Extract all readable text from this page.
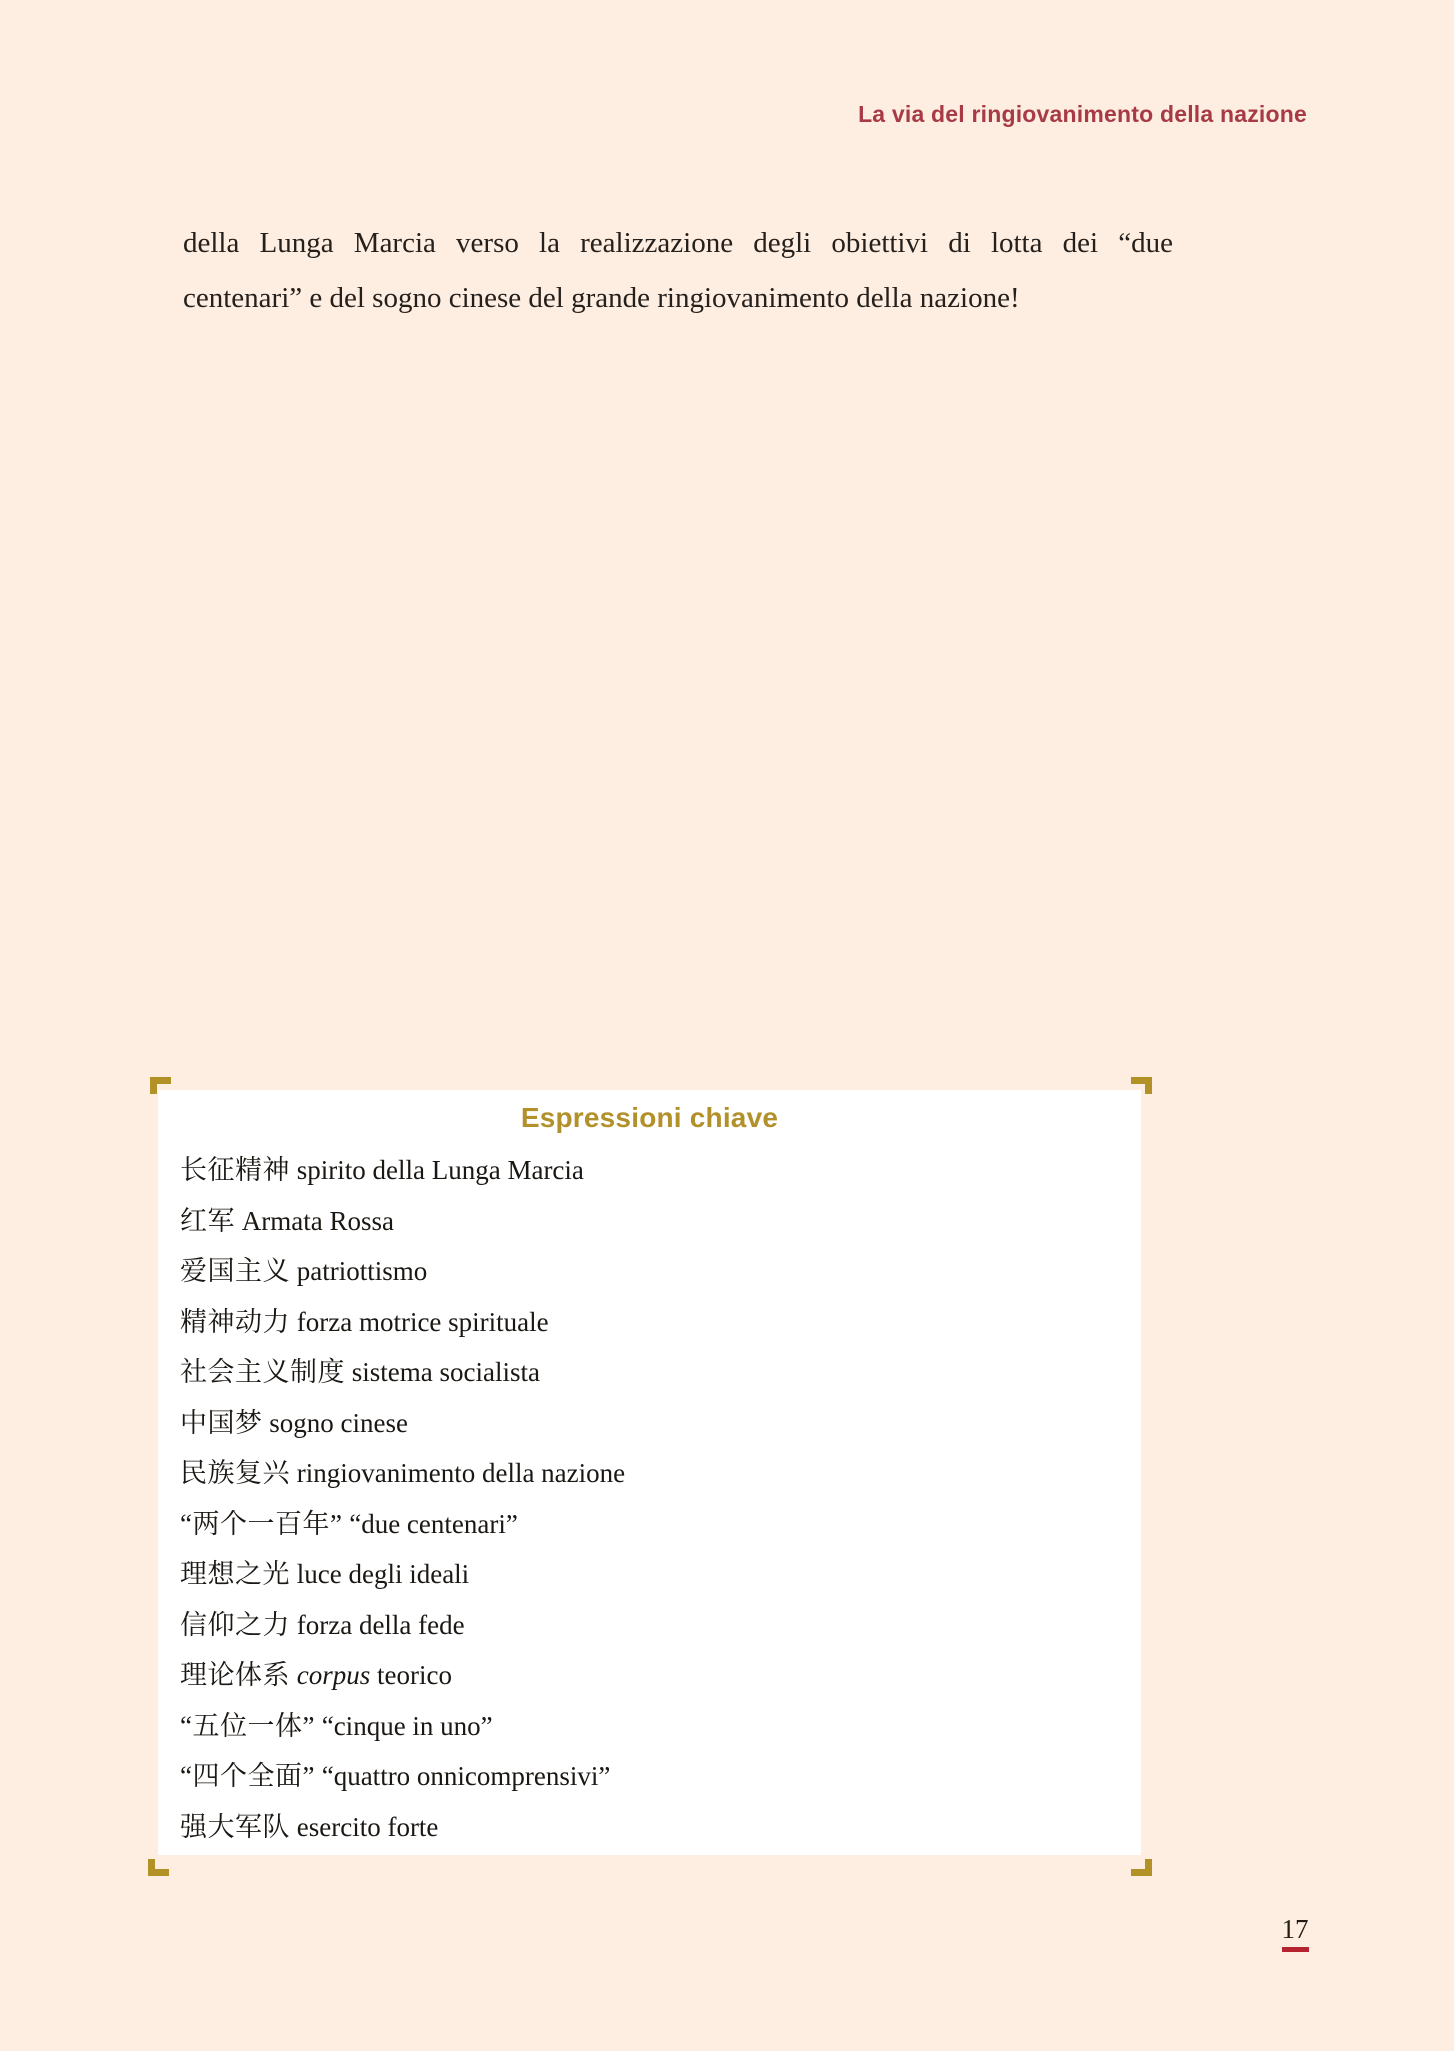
La via del ringiovanimento della nazione
della Lunga Marcia verso la realizzazione degli obiettivi di lotta dei “due
centenari” e del sogno cinese del grande ringiovanimento della nazione!
Espressioni chiave
长征精神 spirito della Lunga Marcia
红军 Armata Rossa
爱国主义 patriottismo
精神动力 forza motrice spirituale
社会主义制度 sistema socialista
中国梦 sogno cinese
民族复兴 ringiovanimento della nazione
“两个一百年” “due centenari”
理想之光 luce degli ideali
信仰之力 forza della fede
理论体系 corpus teorico
“五位一体” “cinque in uno”
“四个全面” “quattro onnicomprensivi”
强大军队 esercito forte
17
